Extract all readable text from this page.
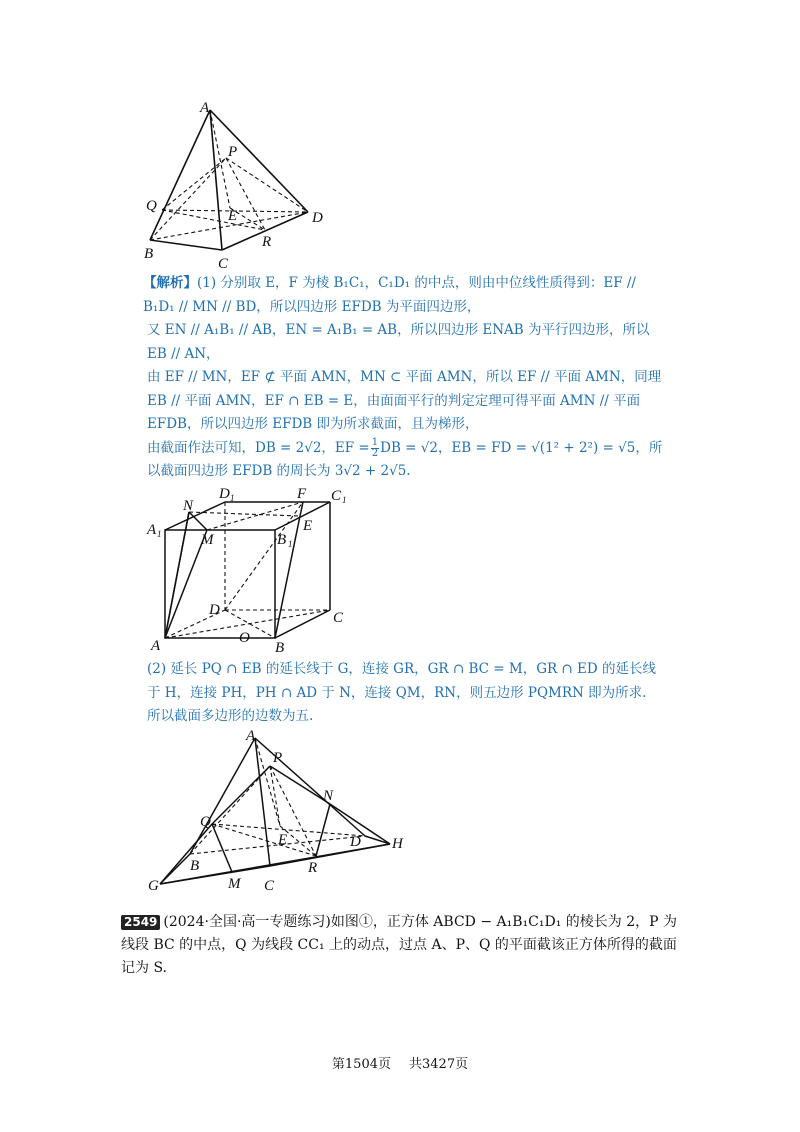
A
P
Q
E	D
B
R
C

【解析】(1) 分别取 E，F 为棱 B₁C₁，C₁D₁ 的中点，则由中位线性质得到：EF // B₁D₁ // MN // BD，所以四边形 EFDB 为平面四边形，

又 EN // A₁B₁ // AB，EN = A₁B₁ = AB，所以四边形 ENAB 为平行四边形，所以 EB // AN，

由 EF // MN，EF ⊄ 平面 AMN，MN ⊂ 平面 AMN，所以 EF // 平面 AMN，同理 EB // 平面 AMN，EF ∩ EB = E，由面面平行的判定定理可得平面 AMN // 平面 EFDB，所以四边形 EFDB 即为所求截面，且为梯形，

由截面作法可知，DB = 2√2，EF = $\frac{1}{2}$ DB = √2，EB = FD = √(1² + 2²) = √5，所以截面四边形 EFDB 的周长为 3√2 + 2√5.

D 1	F C 1
N
A 1	M	B 1
E
D	C
O
A	B

(2) 延长 PQ ∩ EB 的延长线于 G，连接 GR，GR ∩ BC = M，GR ∩ ED 的延长线于 H，连接 PH，PH ∩ AD 于 N，连接 QM，RN，则五边形 PQMRN 即为所求. 所以截面多边形的边数为五.

A
P
N
Q
E	D H
B	R
G	M C
2549 (2024·全国·高一专题练习)如图①，正方体 ABCD − A₁B₁C₁D₁ 的棱长为 2，P 为线段 BC 的中点，Q 为线段 CC₁ 上的动点，过点 A、P、Q 的平面截该正方体所得的截面记为 S.
第1504页 共3427页
